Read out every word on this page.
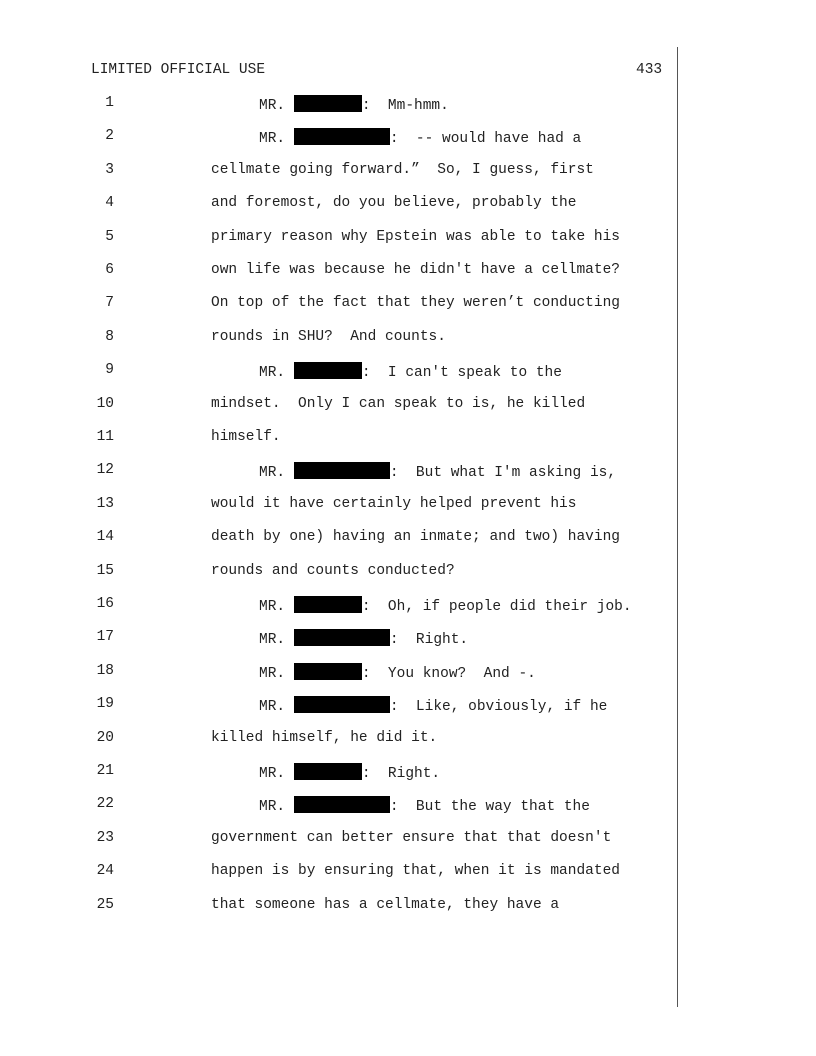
LIMITED OFFICIAL USE	433
1	MR.	:  Mm-hmm.
2	MR.	:  -- would have had a
3	cellmate going forward.”  So, I guess, first
4	and foremost, do you believe, probably the
5	primary reason why Epstein was able to take his
6	own life was because he didn't have a cellmate?
7	On top of the fact that they weren’t conducting
8	rounds in SHU?  And counts.
9	MR.	:  I can't speak to the
10	mindset.  Only I can speak to is, he killed
11	himself.
12	MR.	:  But what I'm asking is,
13	would it have certainly helped prevent his
14	death by one) having an inmate; and two) having
15	rounds and counts conducted?
16	MR.	:  Oh, if people did their job.
17	MR.	:  Right.
18	MR.	:  You know?  And -.
19	MR.	:  Like, obviously, if he
20	killed himself, he did it.
21	MR.	:  Right.
22	MR.	:  But the way that the
23	government can better ensure that that doesn't
24	happen is by ensuring that, when it is mandated
25	that someone has a cellmate, they have a
